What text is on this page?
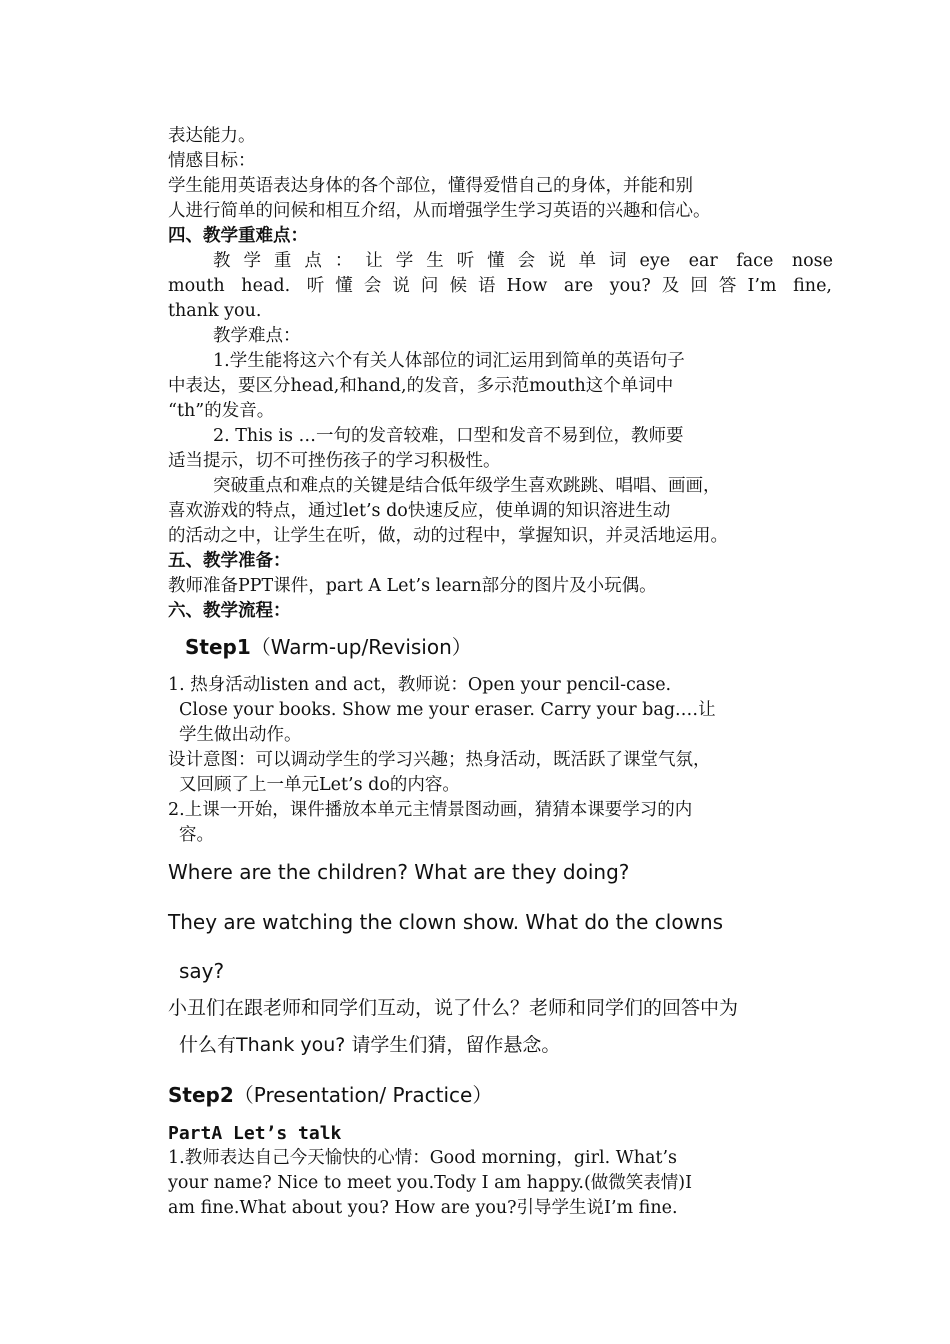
表达能力。
情感目标：
学生能用英语表达身体的各个部位，懂得爱惜自己的身体，并能和别
人进行简单的问候和相互介绍，从而增强学生学习英语的兴趣和信心。
四、教学重难点：
教学重点：让学生听懂会说单词eye ear face nose
mouth head. 听懂会说问候语How are you?及回答I’m fine,
thank you.
教学难点：
1.学生能将这六个有关人体部位的词汇运用到简单的英语句子
中表达，要区分head,和hand,的发音，多示范mouth这个单词中
“th”的发音。
2. This is …一句的发音较难，口型和发音不易到位，教师要
适当提示，切不可挫伤孩子的学习积极性。
突破重点和难点的关键是结合低年级学生喜欢跳跳、唱唱、画画，
喜欢游戏的特点，通过let’s do快速反应，使单调的知识溶进生动
的活动之中，让学生在听，做，动的过程中，掌握知识，并灵活地运用。
五、教学准备：
教师准备PPT课件，part A Let’s learn部分的图片及小玩偶。
六、教学流程：
Step1（Warm-up/Revision）
1. 热身活动listen and act，教师说：Open your pencil-case.
Close your books. Show me your eraser. Carry your bag.…让
学生做出动作。
设计意图：可以调动学生的学习兴趣；热身活动，既活跃了课堂气氛，
又回顾了上一单元Let’s do的内容。
2.上课一开始，课件播放本单元主情景图动画，猜猜本课要学习的内
容。
Where are the children? What are they doing?
They are watching the clown show. What do the clowns
say?
小丑们在跟老师和同学们互动，说了什么？老师和同学们的回答中为
什么有Thank you? 请学生们猜，留作悬念。
Step2（Presentation/ Practice）
PartA Let’s talk
1.教师表达自己今天愉快的心情：Good morning，girl. What’s
your name? Nice to meet you.Tody I am happy.(做微笑表情)I
am fine.What about you? How are you?引导学生说I’m fine.
